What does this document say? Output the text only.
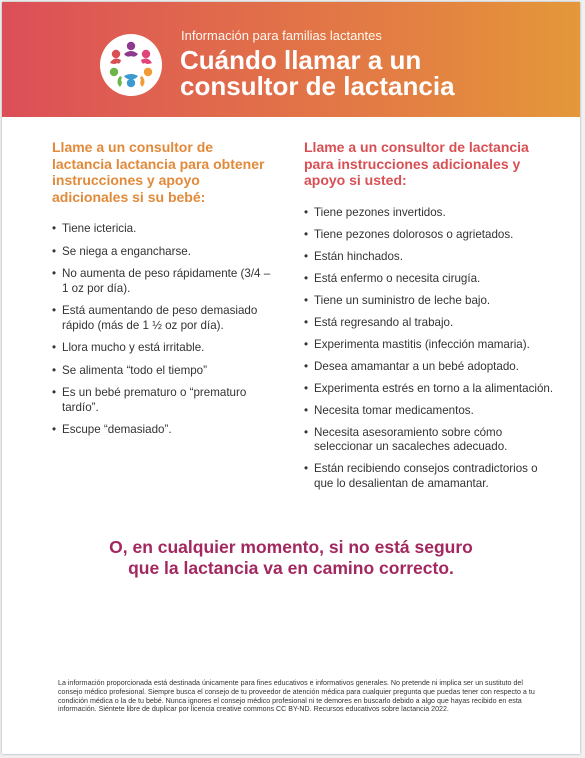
Información para familias lactantes
Cuándo llamar a un
consultor de lactancia
Llame a un consultor de lactancia lactancia para obtener instrucciones y apoyo adicionales si su bebé:
• Tiene ictericia.
• Se niega a engancharse.
• No aumenta de peso rápidamente (3/4 – 1 oz por día).
• Está aumentando de peso demasiado rápido (más de 1 ½ oz por día).
• Llora mucho y está irritable.
• Se alimenta “todo el tiempo”
• Es un bebé prematuro o “prematuro tardío”.
• Escupe “demasiado”.
Llame a un consultor de lactancia para instrucciones adicionales y apoyo si usted:
• Tiene pezones invertidos.
• Tiene pezones dolorosos o agrietados.
• Están hinchados.
• Está enfermo o necesita cirugía.
• Tiene un suministro de leche bajo.
• Está regresando al trabajo.
• Experimenta mastitis (infección mamaria).
• Desea amamantar a un bebé adoptado.
• Experimenta estrés en torno a la alimentación.
• Necesita tomar medicamentos.
• Necesita asesoramiento sobre cómo seleccionar un sacaleches adecuado.
• Están recibiendo consejos contradictorios o que lo desalientan de amamantar.

O, en cualquier momento, si no está seguro
que la lactancia va en camino correcto.

La información proporcionada está destinada únicamente para fines educativos e informativos generales. No pretende ni implica ser un sustituto del consejo médico profesional. Siempre busca el consejo de tu proveedor de atención médica para cualquier pregunta que puedas tener con respecto a tu condición médica o la de tu bebé. Nunca ignores el consejo médico profesional ni te demores en buscarlo debido a algo que hayas recibido en esta información. Siéntete libre de duplicar por licencia creative commons CC BY-ND. Recursos educativos sobre lactancia 2022.
